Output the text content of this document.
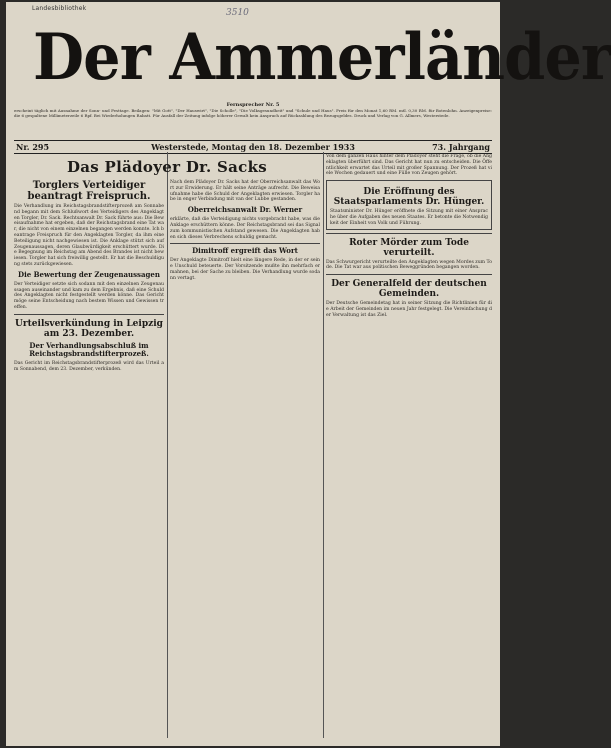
Landesbibliothek	3510
Der Ammerländer
Fernsprecher Nr. 5
erscheint täglich mit Ausnahme der Sonn- und Festtage. Beilagen: "Mit Gott", "Der Hauswirt", "Die Scholle", "Die Volksgesundheit" und "Schule und Haus". Preis für den Monat 1,60 RM. mtl. 0,30 RM. für Botenlohn. Anzeigenpreise: die 6 gespaltene Millimeterzeile 6 Rpf. Bei Wiederholungen Rabatt. Für Ausfall der Zeitung infolge höherer Gewalt kein Anspruch auf Rückzahlung des Bezugsgeldes. Druck und Verlag von G. Allmers, Westerstede.
Nr. 295	Westerstede, Montag den 18. Dezember 1933	73. Jahrgang
Das Plädoyer Dr. Sacks
Torglers Verteidiger beantragt Freispruch.
Die Verhandlung im Reichstagsbrandstifterprozeß am Sonnabend begann mit dem Schlußwort des Verteidigers des Angeklagten Torgler, Dr. Sack. Rechtsanwalt Dr. Sack führte aus: Die Beweisaufnahme hat ergeben, daß der Reichstagsbrand eine Tat war, die nicht von einem einzelnen begangen werden konnte. Ich beantrage Freispruch für den Angeklagten Torgler, da ihm eine Beteiligung nicht nachgewiesen ist. Die Anklage stützt sich auf Zeugenaussagen, deren Glaubwürdigkeit erschüttert wurde. Die Begegnung im Reichstag am Abend des Brandes ist nicht bewiesen. Torgler hat sich freiwillig gestellt. Er hat die Beschuldigung stets zurückgewiesen.
Die Bewertung der Zeugenaussagen
Der Verteidiger setzte sich sodann mit den einzelnen Zeugenaussagen auseinander und kam zu dem Ergebnis, daß eine Schuld des Angeklagten nicht festgestellt werden könne. Das Gericht möge seine Entscheidung nach bestem Wissen und Gewissen treffen.
Urteilsverkündung in Leipzig am 23. Dezember.
Der Verhandlungsabschluß im Reichstagsbrandstifterprozeß.
Das Gericht im Reichstagsbrandstifterprozeß wird das Urteil am Sonnabend, dem 23. Dezember, verkünden.
Nach dem Plädoyer Dr. Sacks hat der Oberreichsanwalt das Wort zur Erwiderung. Er hält seine Anträge aufrecht. Die Beweisaufnahme habe die Schuld der Angeklagten erwiesen. Torgler habe in enger Verbindung mit van der Lubbe gestanden.
Oberreichsanwalt Dr. Werner
erklärte, daß die Verteidigung nichts vorgebracht habe, was die Anklage erschüttern könne. Der Reichstagsbrand sei das Signal zum kommunistischen Aufstand gewesen. Die Angeklagten haben sich dieses Verbrechens schuldig gemacht.
Dimitroff ergreift das Wort
Der Angeklagte Dimitroff hielt eine längere Rede, in der er seine Unschuld beteuerte. Der Vorsitzende mußte ihn mehrfach ermahnen, bei der Sache zu bleiben. Die Verhandlung wurde sodann vertagt.
Von dem ganzen Haus hinter dem Plädoyer steht die Frage, ob die Angeklagten überführt sind. Das Gericht hat nun zu entscheiden. Die Öffentlichkeit erwartet das Urteil mit großer Spannung. Der Prozeß hat viele Wochen gedauert und eine Fülle von Zeugen gehört.
Die Eröffnung des Staatsparlaments Dr. Hünger.
Staatsminister Dr. Hünger eröffnete die Sitzung mit einer Ansprache über die Aufgaben des neuen Staates. Er betonte die Notwendigkeit der Einheit von Volk und Führung.
Roter Mörder zum Tode verurteilt.
Das Schwurgericht verurteilte den Angeklagten wegen Mordes zum Tode. Die Tat war aus politischen Beweggründen begangen worden.
Der Generalfeld der deutschen Gemeinden.
Der Deutsche Gemeindetag hat in seiner Sitzung die Richtlinien für die Arbeit der Gemeinden im neuen Jahr festgelegt. Die Vereinfachung der Verwaltung ist das Ziel.
